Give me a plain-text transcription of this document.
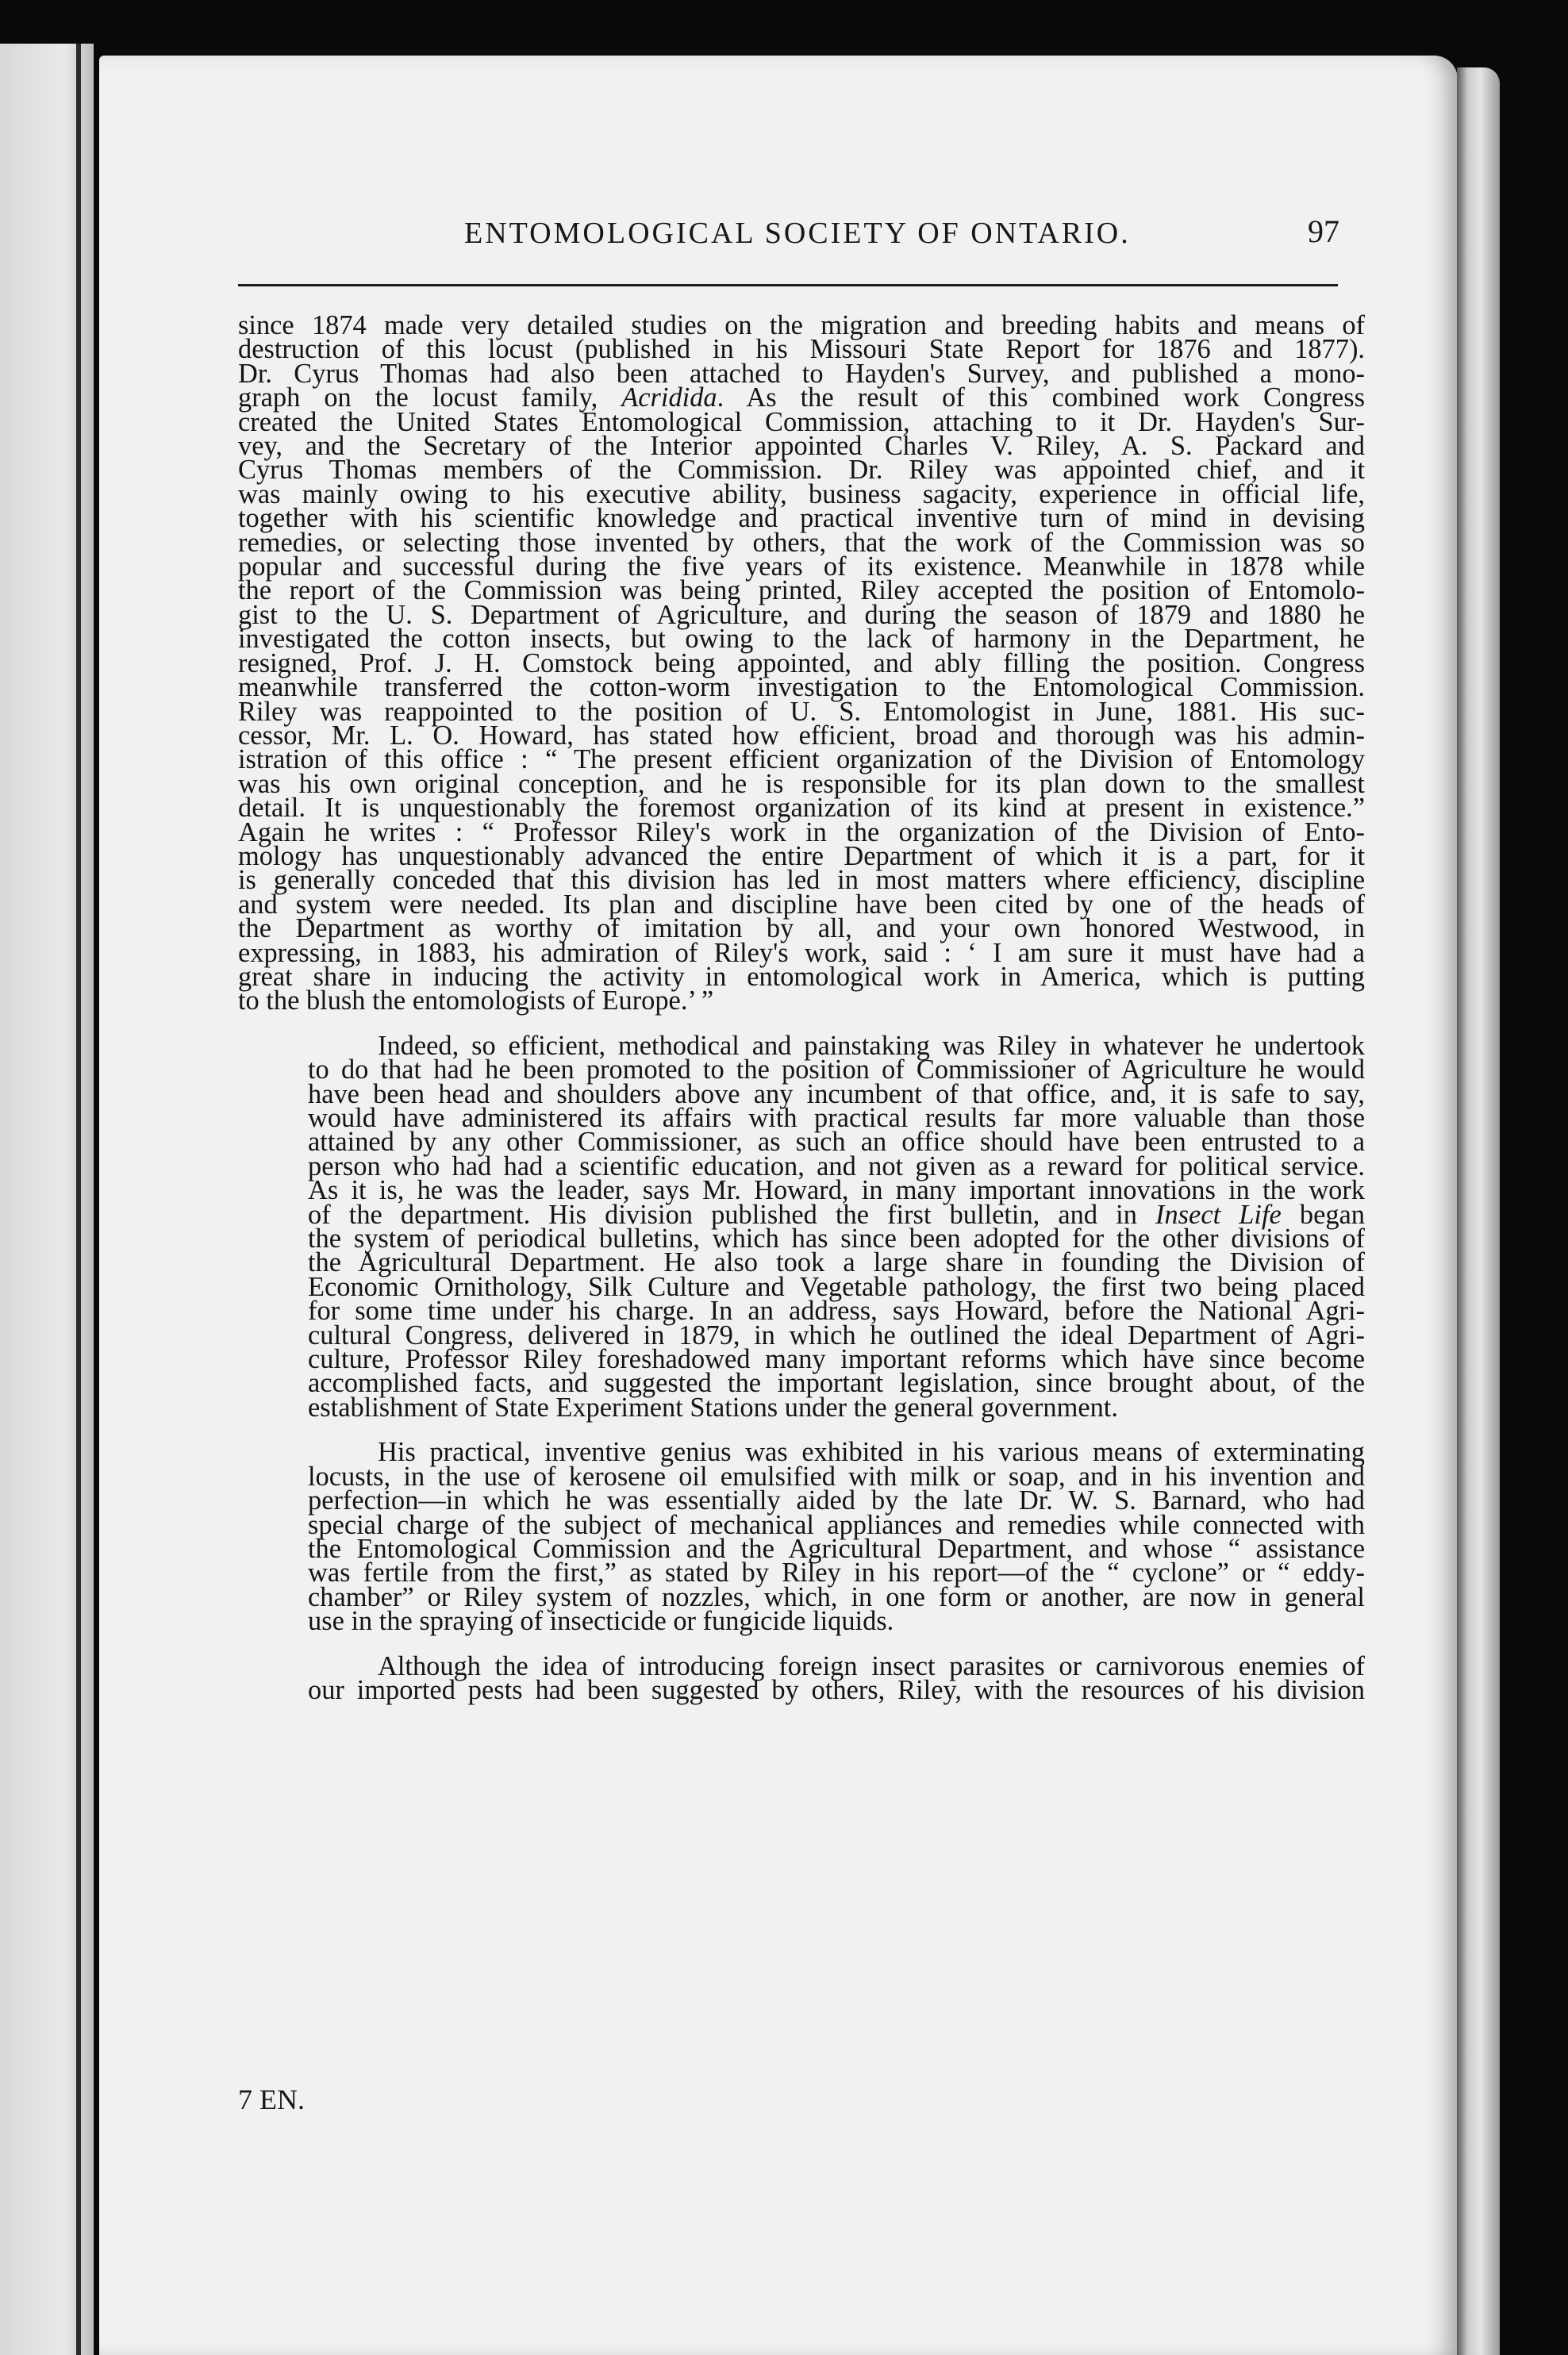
ENTOMOLOGICAL SOCIETY OF ONTARIO.	97

since 1874 made very detailed studies on the migration and breeding habits and means of
destruction of this locust (published in his Missouri State Report for 1876 and 1877).
Dr. Cyrus Thomas had also been attached to Hayden's Survey, and published a mono-
graph on the locust family, Acridida. As the result of this combined work Congress
created the United States Entomological Commission, attaching to it Dr. Hayden's Sur-
vey, and the Secretary of the Interior appointed Charles V. Riley, A. S. Packard and
Cyrus Thomas members of the Commission. Dr. Riley was appointed chief, and it
was mainly owing to his executive ability, business sagacity, experience in official life,
together with his scientific knowledge and practical inventive turn of mind in devising
remedies, or selecting those invented by others, that the work of the Commission was so
popular and successful during the five years of its existence. Meanwhile in 1878 while
the report of the Commission was being printed, Riley accepted the position of Entomolo-
gist to the U. S. Department of Agriculture, and during the season of 1879 and 1880 he
investigated the cotton insects, but owing to the lack of harmony in the Department, he
resigned, Prof. J. H. Comstock being appointed, and ably filling the position. Congress
meanwhile transferred the cotton-worm investigation to the Entomological Commission.
Riley was reappointed to the position of U. S. Entomologist in June, 1881. His suc-
cessor, Mr. L. O. Howard, has stated how efficient, broad and thorough was his admin-
istration of this office : “ The present efficient organization of the Division of Entomology
was his own original conception, and he is responsible for its plan down to the smallest
detail. It is unquestionably the foremost organization of its kind at present in existence.”
Again he writes : “ Professor Riley's work in the organization of the Division of Ento-
mology has unquestionably advanced the entire Department of which it is a part, for it
is generally conceded that this division has led in most matters where efficiency, discipline
and system were needed. Its plan and discipline have been cited by one of the heads of
the Department as worthy of imitation by all, and your own honored Westwood, in
expressing, in 1883, his admiration of Riley's work, said : ‘ I am sure it must have had a
great share in inducing the activity in entomological work in America, which is putting
to the blush the entomologists of Europe.’ ”

Indeed, so efficient, methodical and painstaking was Riley in whatever he undertook
to do that had he been promoted to the position of Commissioner of Agriculture he would
have been head and shoulders above any incumbent of that office, and, it is safe to say,
would have administered its affairs with practical results far more valuable than those
attained by any other Commissioner, as such an office should have been entrusted to a
person who had had a scientific education, and not given as a reward for political service.
As it is, he was the leader, says Mr. Howard, in many important innovations in the work
of the department. His division published the first bulletin, and in Insect Life began
the system of periodical bulletins, which has since been adopted for the other divisions of
the Agricultural Department. He also took a large share in founding the Division of
Economic Ornithology, Silk Culture and Vegetable pathology, the first two being placed
for some time under his charge. In an address, says Howard, before the National Agri-
cultural Congress, delivered in 1879, in which he outlined the ideal Department of Agri-
culture, Professor Riley foreshadowed many important reforms which have since become
accomplished facts, and suggested the important legislation, since brought about, of the
establishment of State Experiment Stations under the general government.

His practical, inventive genius was exhibited in his various means of exterminating
locusts, in the use of kerosene oil emulsified with milk or soap, and in his invention and
perfection—in which he was essentially aided by the late Dr. W. S. Barnard, who had
special charge of the subject of mechanical appliances and remedies while connected with
the Entomological Commission and the Agricultural Department, and whose “ assistance
was fertile from the first,” as stated by Riley in his report—of the “ cyclone” or “ eddy-
chamber” or Riley system of nozzles, which, in one form or another, are now in general
use in the spraying of insecticide or fungicide liquids.

Although the idea of introducing foreign insect parasites or carnivorous enemies of
our imported pests had been suggested by others, Riley, with the resources of his division

7 EN.
